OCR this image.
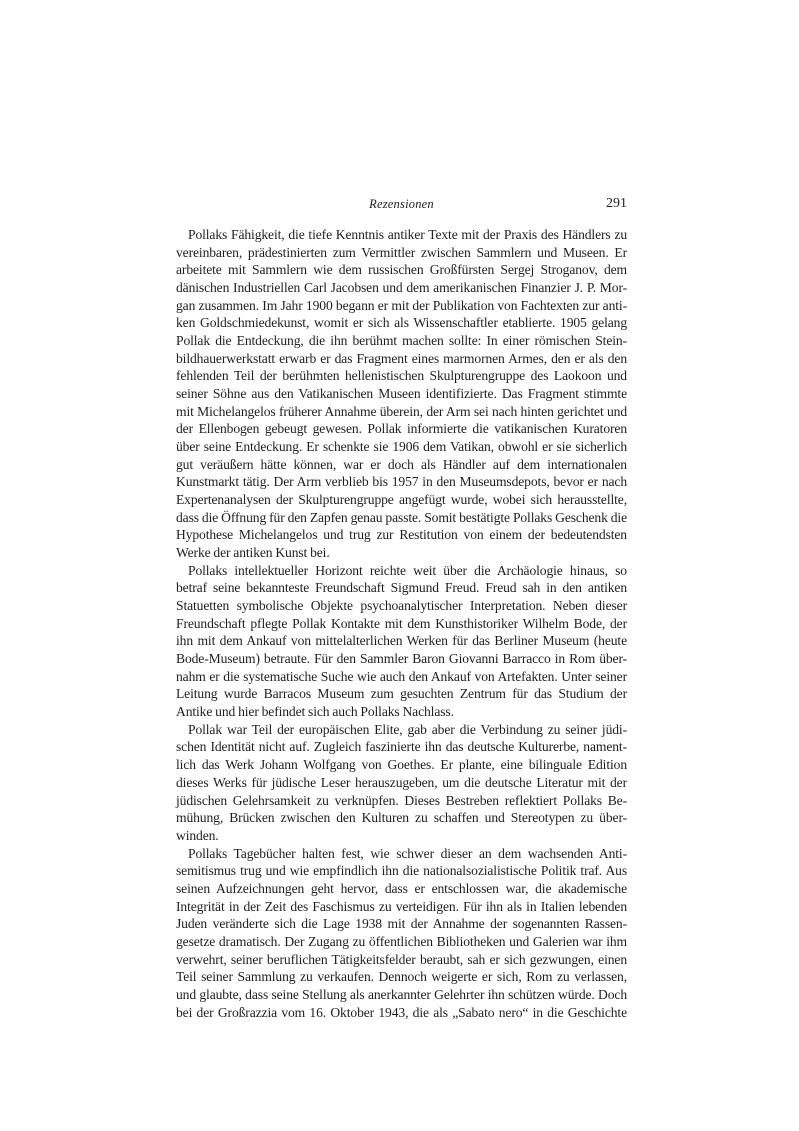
Rezensionen	291
Pollaks Fähigkeit, die tiefe Kenntnis antiker Texte mit der Praxis des Händlers zu
vereinbaren, prädestinierten zum Vermittler zwischen Sammlern und Museen. Er
arbeitete mit Sammlern wie dem russischen Großfürsten Sergej Stroganov, dem
dänischen Industriellen Carl Jacobsen und dem amerikanischen Finanzier J. P. Mor-
gan zusammen. Im Jahr 1900 begann er mit der Publikation von Fachtexten zur anti-
ken Goldschmiedekunst, womit er sich als Wissenschaftler etablierte. 1905 gelang
Pollak die Entdeckung, die ihn berühmt machen sollte: In einer römischen Stein-
bildhauerwerkstatt erwarb er das Fragment eines marmornen Armes, den er als den
fehlenden Teil der berühmten hellenistischen Skulpturengruppe des Laokoon und
seiner Söhne aus den Vatikanischen Museen identifizierte. Das Fragment stimmte
mit Michelangelos früherer Annahme überein, der Arm sei nach hinten gerichtet und
der Ellenbogen gebeugt gewesen. Pollak informierte die vatikanischen Kuratoren
über seine Entdeckung. Er schenkte sie 1906 dem Vatikan, obwohl er sie sicherlich
gut veräußern hätte können, war er doch als Händler auf dem internationalen
Kunstmarkt tätig. Der Arm verblieb bis 1957 in den Museumsdepots, bevor er nach
Expertenanalysen der Skulpturengruppe angefügt wurde, wobei sich herausstellte,
dass die Öffnung für den Zapfen genau passte. Somit bestätigte Pollaks Geschenk die
Hypothese Michelangelos und trug zur Restitution von einem der bedeutendsten
Werke der antiken Kunst bei.
Pollaks intellektueller Horizont reichte weit über die Archäologie hinaus, so
betraf seine bekannteste Freundschaft Sigmund Freud. Freud sah in den antiken
Statuetten symbolische Objekte psychoanalytischer Interpretation. Neben dieser
Freundschaft pflegte Pollak Kontakte mit dem Kunsthistoriker Wilhelm Bode, der
ihn mit dem Ankauf von mittelalterlichen Werken für das Berliner Museum (heute
Bode-Museum) betraute. Für den Sammler Baron Giovanni Barracco in Rom über-
nahm er die systematische Suche wie auch den Ankauf von Artefakten. Unter seiner
Leitung wurde Barracos Museum zum gesuchten Zentrum für das Studium der
Antike und hier befindet sich auch Pollaks Nachlass.
Pollak war Teil der europäischen Elite, gab aber die Verbindung zu seiner jüdi-
schen Identität nicht auf. Zugleich faszinierte ihn das deutsche Kulturerbe, nament-
lich das Werk Johann Wolfgang von Goethes. Er plante, eine bilinguale Edition
dieses Werks für jüdische Leser herauszugeben, um die deutsche Literatur mit der
jüdischen Gelehrsamkeit zu verknüpfen. Dieses Bestreben reflektiert Pollaks Be-
mühung, Brücken zwischen den Kulturen zu schaffen und Stereotypen zu über-
winden.
Pollaks Tagebücher halten fest, wie schwer dieser an dem wachsenden Anti-
semitismus trug und wie empfindlich ihn die nationalsozialistische Politik traf. Aus
seinen Aufzeichnungen geht hervor, dass er entschlossen war, die akademische
Integrität in der Zeit des Faschismus zu verteidigen. Für ihn als in Italien lebenden
Juden veränderte sich die Lage 1938 mit der Annahme der sogenannten Rassen-
gesetze dramatisch. Der Zugang zu öffentlichen Bibliotheken und Galerien war ihm
verwehrt, seiner beruflichen Tätigkeitsfelder beraubt, sah er sich gezwungen, einen
Teil seiner Sammlung zu verkaufen. Dennoch weigerte er sich, Rom zu verlassen,
und glaubte, dass seine Stellung als anerkannter Gelehrter ihn schützen würde. Doch
bei der Großrazzia vom 16. Oktober 1943, die als „Sabato nero“ in die Geschichte
